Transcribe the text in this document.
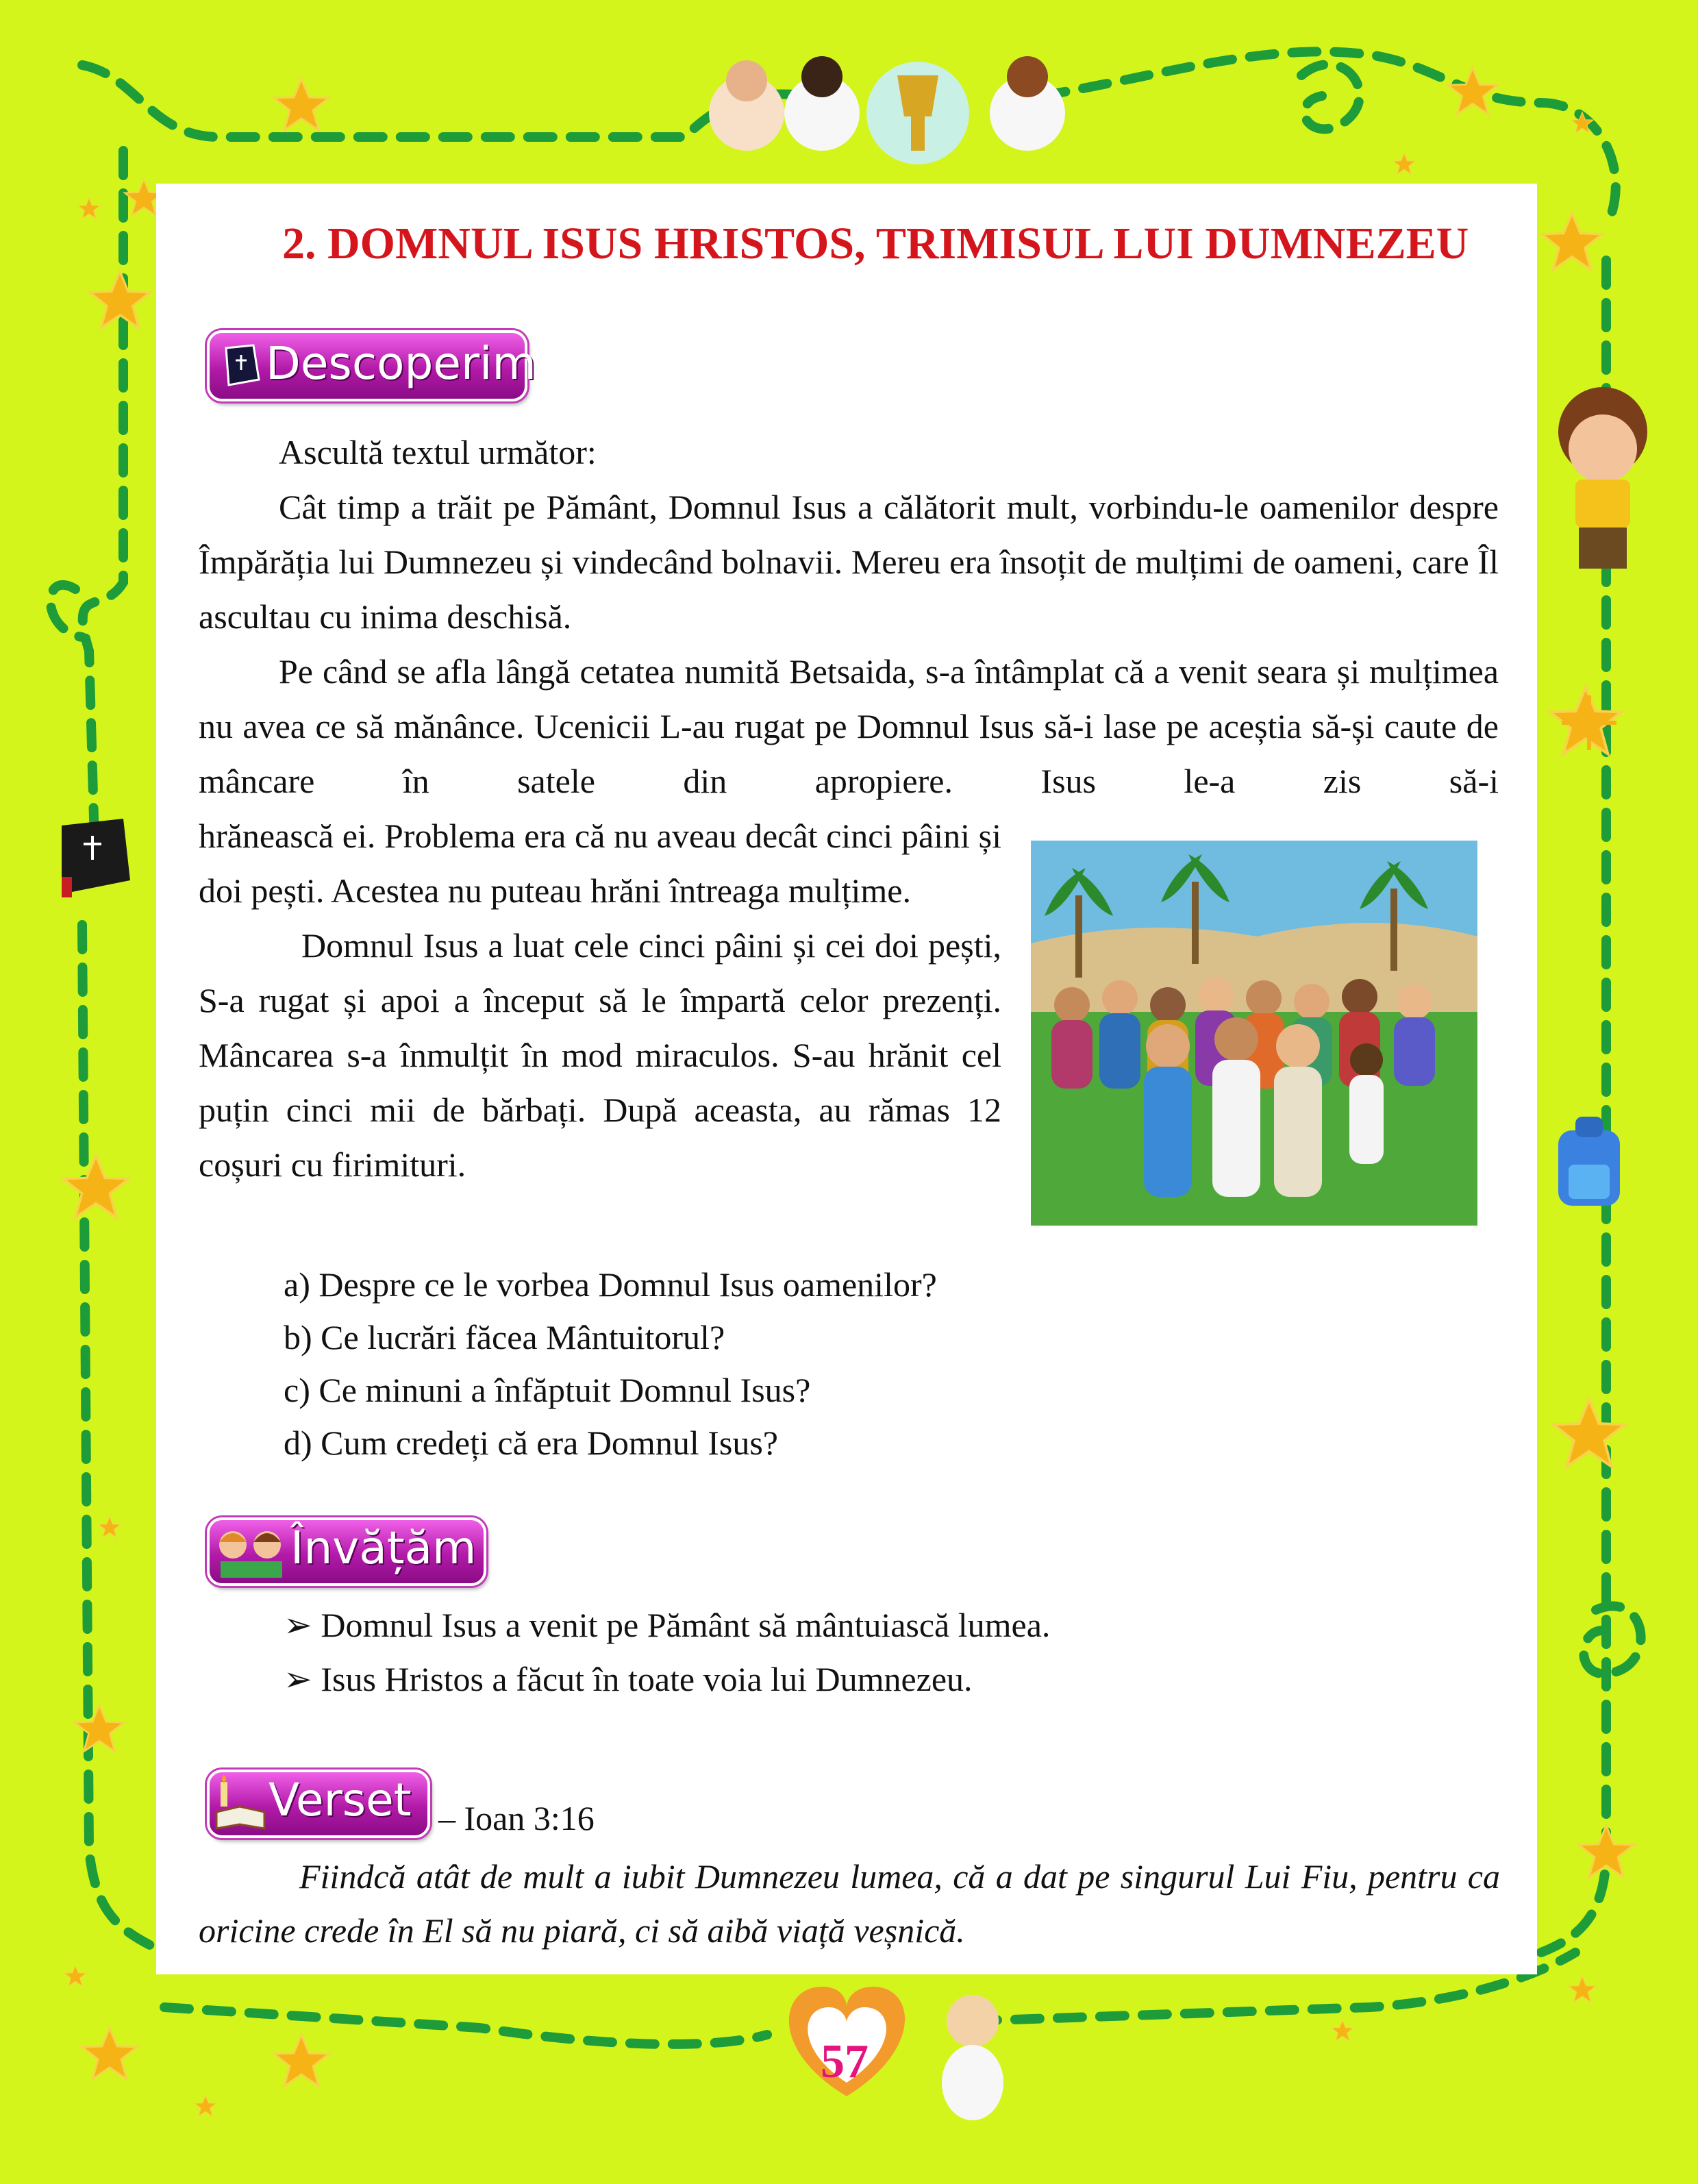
2. DOMNUL ISUS HRISTOS, TRIMISUL LUI DUMNEZEU
Descoperim

Ascultă textul următor:

Cât timp a trăit pe Pământ, Domnul Isus a călătorit mult, vorbindu-le oamenilor despre Împărăția lui Dumnezeu și vindecând bolnavii. Mereu era însoțit de mulțimi de oameni, care Îl ascultau cu inima deschisă.

Pe când se afla lângă cetatea numită Betsaida, s-a întâmplat că a venit seara și mulțimea nu avea ce să mănânce. Ucenicii L-au rugat pe Domnul Isus să-i lase pe aceștia să-și caute de mâncare în satele din apropiere. Isus le-a zis să-i

hrănească ei. Problema era că nu aveau decât cinci pâini și doi pești. Acestea nu puteau hrăni întreaga mulțime.

Domnul Isus a luat cele cinci pâini și cei doi pești, S-a rugat și apoi a început să le împartă celor prezenți. Mâncarea s-a înmulțit în mod miraculos. S-au hrănit cel puțin cinci mii de bărbați. După aceasta, au rămas 12 coșuri cu firimituri.

a) Despre ce le vorbea Domnul Isus oamenilor?
b) Ce lucrări făcea Mântuitorul?
c) Ce minuni a înfăptuit Domnul Isus?
d) Cum credeți că era Domnul Isus?
Învățăm
➢ Domnul Isus a venit pe Pământ să mântuiască lumea.
➢ Isus Hristos a făcut în toate voia lui Dumnezeu.
Verset – Ioan 3:16

Fiindcă atât de mult a iubit Dumnezeu lumea, că a dat pe singurul Lui Fiu, pentru ca oricine crede în El să nu piară, ci să aibă viață veșnică.

57
